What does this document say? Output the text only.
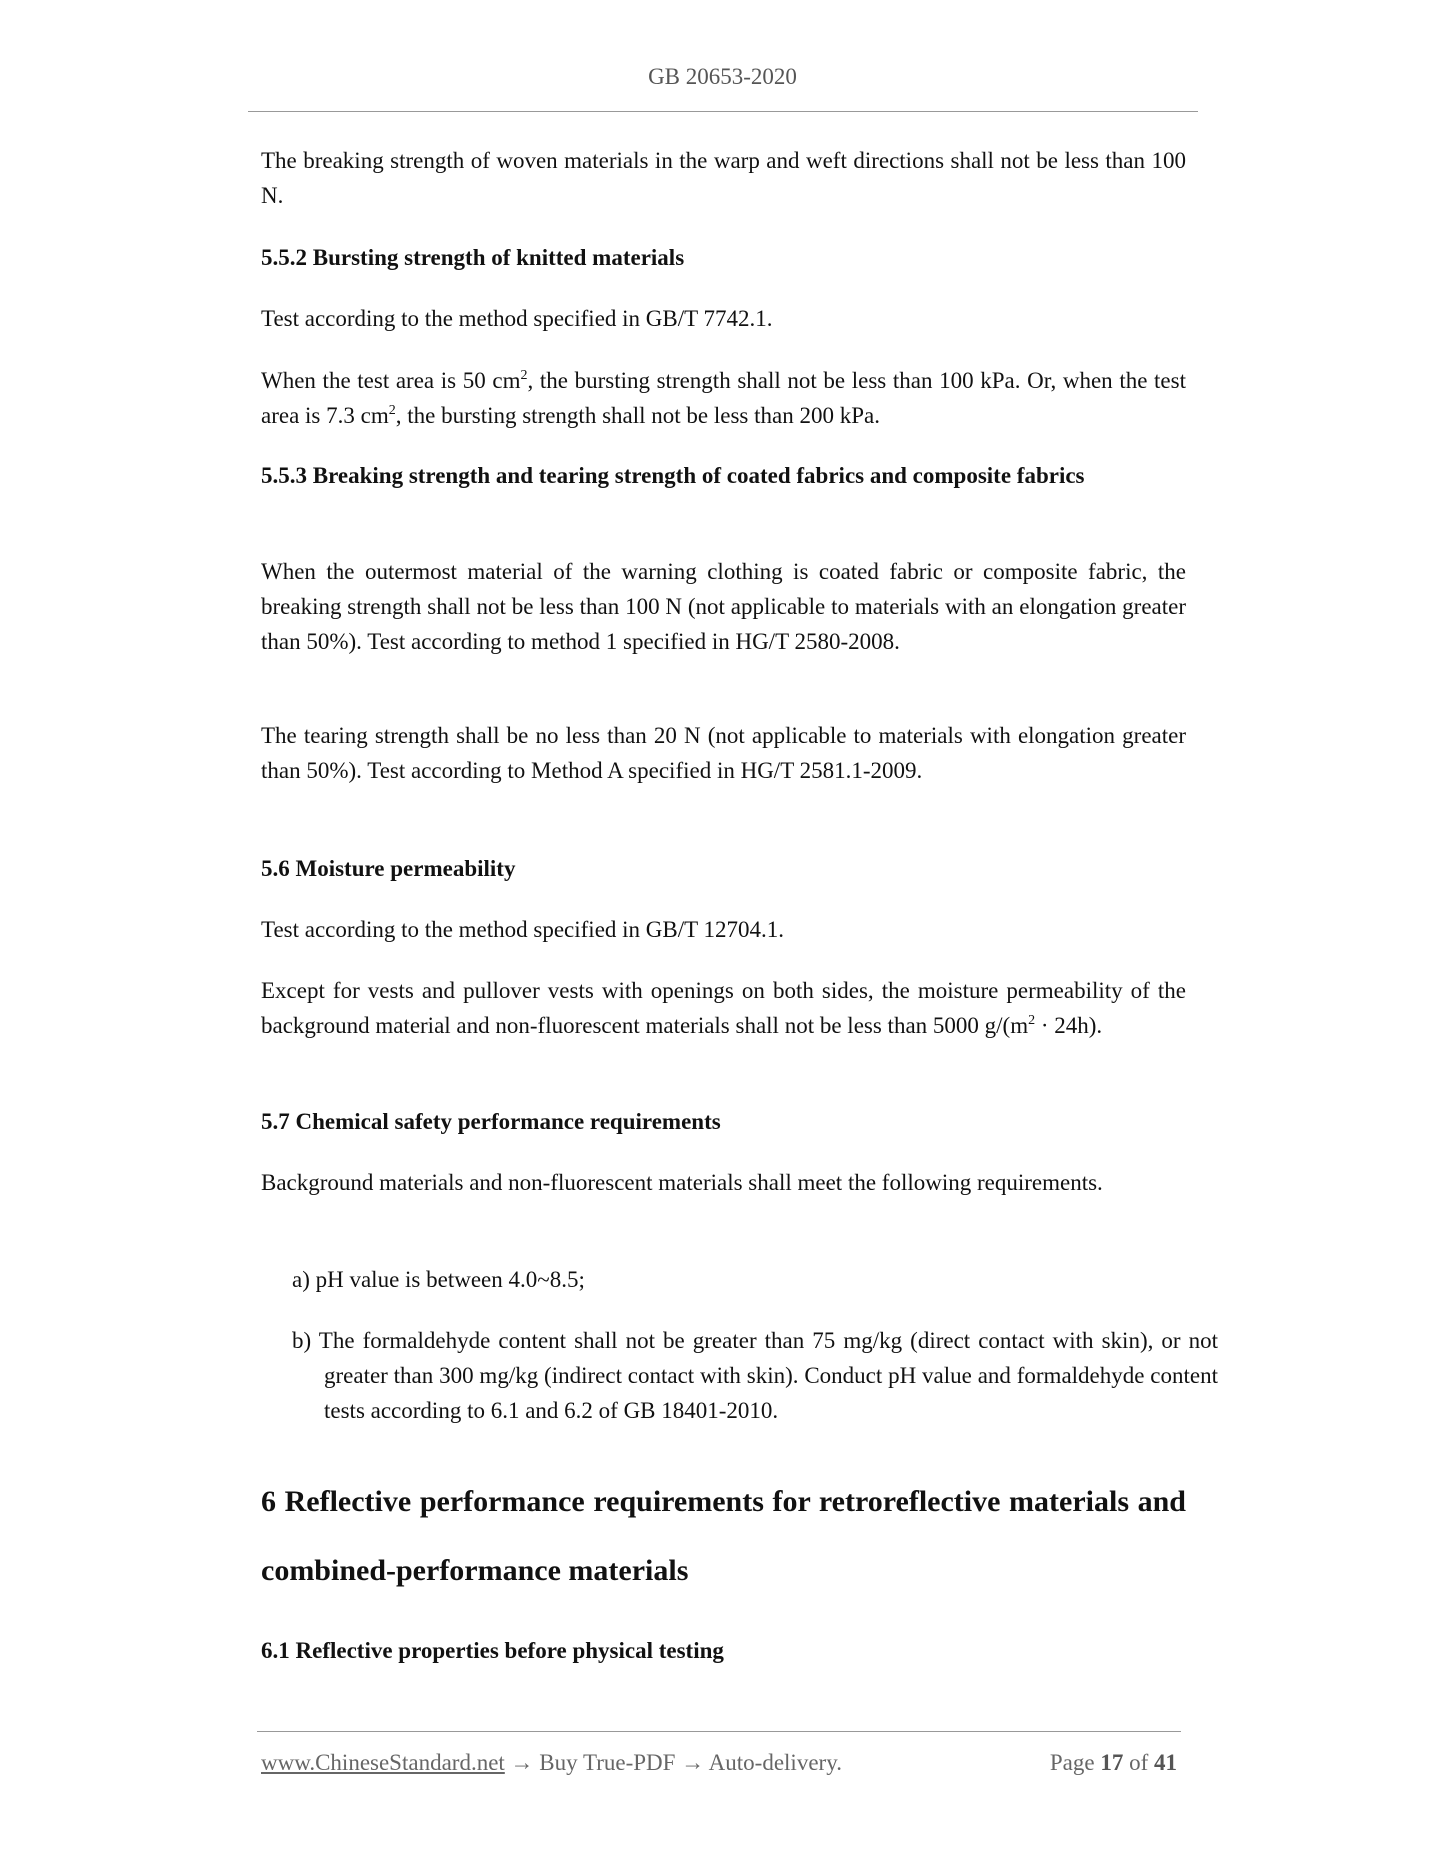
GB 20653-2020
The breaking strength of woven materials in the warp and weft directions shall not be less than 100 N.
5.5.2 Bursting strength of knitted materials
Test according to the method specified in GB/T 7742.1.
When the test area is 50 $cm^2$, the bursting strength shall not be less than 100 kPa. Or, when the test area is 7.3 $cm^2$, the bursting strength shall not be less than 200 kPa.
5.5.3 Breaking strength and tearing strength of coated fabrics and composite fabrics
When the outermost material of the warning clothing is coated fabric or composite fabric, the breaking strength shall not be less than 100 N (not applicable to materials with an elongation greater than 50%). Test according to method 1 specified in HG/T 2580-2008.
The tearing strength shall be no less than 20 N (not applicable to materials with elongation greater than 50%). Test according to Method A specified in HG/T 2581.1-2009.
5.6 Moisture permeability
Test according to the method specified in GB/T 12704.1.
Except for vests and pullover vests with openings on both sides, the moisture permeability of the background material and non-fluorescent materials shall not be less than 5000 $g/(m^2 \cdot 24h)$.
5.7 Chemical safety performance requirements
Background materials and non-fluorescent materials shall meet the following requirements.
a) pH value is between 4.0~8.5;
b) The formaldehyde content shall not be greater than 75 mg/kg (direct contact with skin), or not greater than 300 mg/kg (indirect contact with skin). Conduct pH value and formaldehyde content tests according to 6.1 and 6.2 of GB 18401-2010.
6 Reflective performance requirements for retroreflective materials and combined-performance materials
6.1 Reflective properties before physical testing
www.ChineseStandard.net → Buy True-PDF → Auto-delivery.	Page 17 of 41
